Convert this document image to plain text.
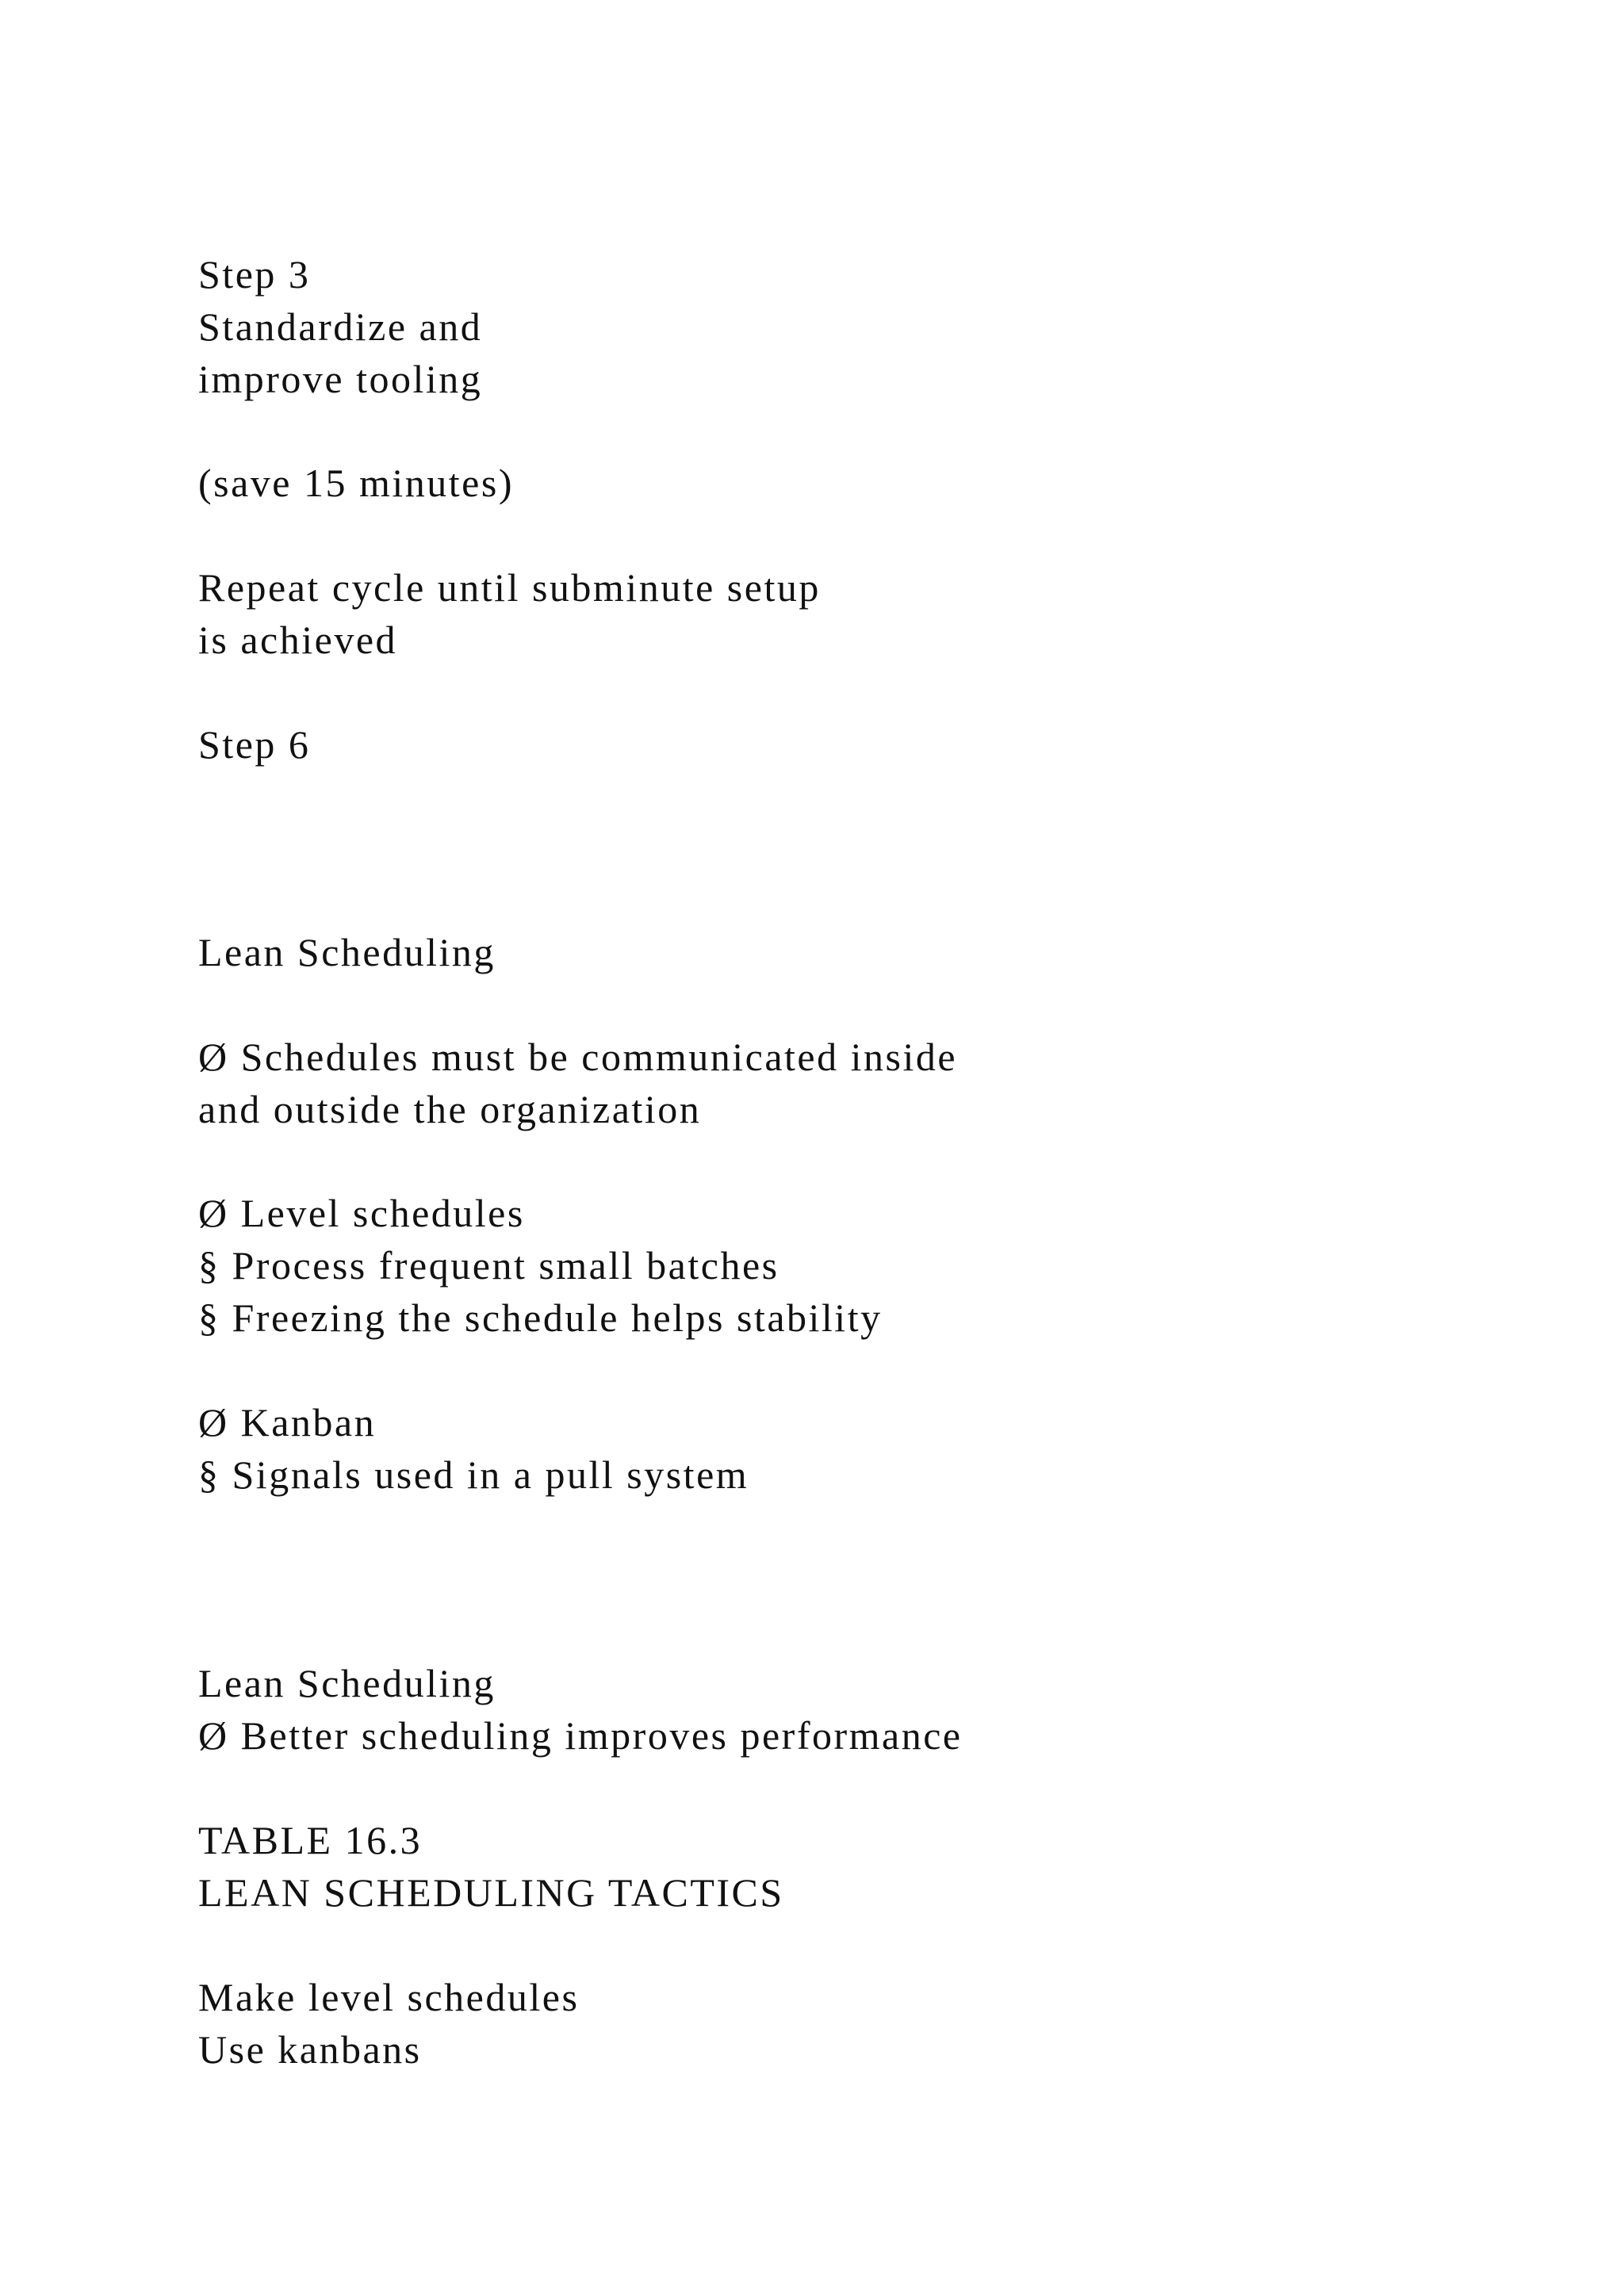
Step 3

Standardize and

improve tooling

(save 15 minutes)

Repeat cycle until subminute setup

is achieved

Step 6

Lean Scheduling

Ø Schedules must be communicated inside

and outside the organization

Ø Level schedules

§ Process frequent small batches

§ Freezing the schedule helps stability

Ø Kanban

§ Signals used in a pull system

Lean Scheduling

Ø Better scheduling improves performance

TABLE 16.3

LEAN SCHEDULING TACTICS

Make level schedules

Use kanbans
